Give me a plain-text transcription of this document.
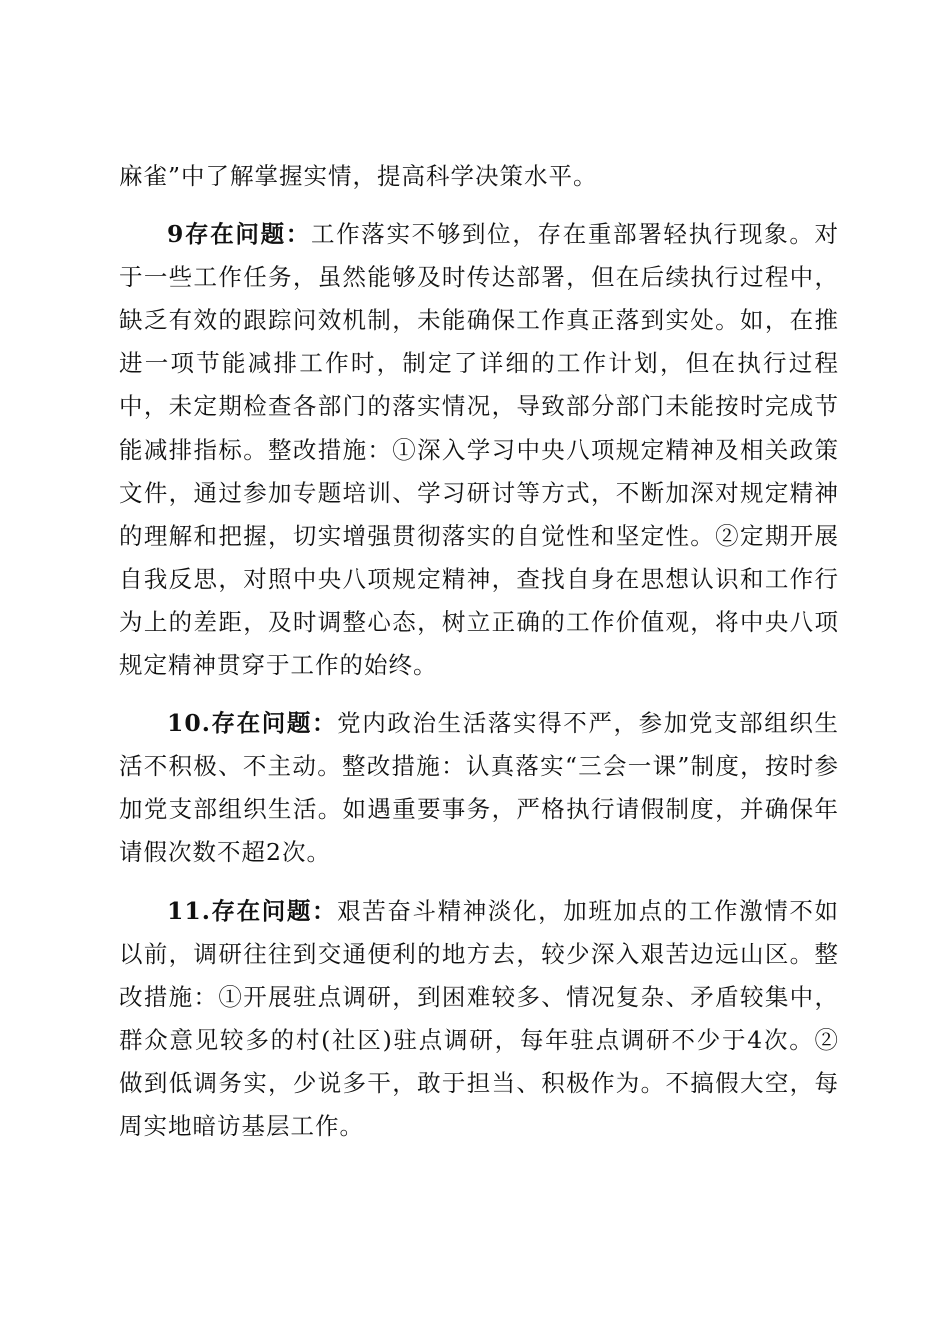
麻雀”中了解掌握实情，提高科学决策水平。

9存在问题：工作落实不够到位，存在重部署轻执行现象。对于一些工作任务，虽然能够及时传达部署，但在后续执行过程中，缺乏有效的跟踪问效机制，未能确保工作真正落到实处。如，在推进一项节能减排工作时，制定了详细的工作计划，但在执行过程中，未定期检查各部门的落实情况，导致部分部门未能按时完成节能减排指标。整改措施：①深入学习中央八项规定精神及相关政策文件，通过参加专题培训、学习研讨等方式，不断加深对规定精神的理解和把握，切实增强贯彻落实的自觉性和坚定性。②定期开展自我反思，对照中央八项规定精神，查找自身在思想认识和工作行为上的差距，及时调整心态，树立正确的工作价值观，将中央八项规定精神贯穿于工作的始终。

10.存在问题：党内政治生活落实得不严，参加党支部组织生活不积极、不主动。整改措施：认真落实“三会一课”制度，按时参加党支部组织生活。如遇重要事务，严格执行请假制度，并确保年请假次数不超2次。

11.存在问题：艰苦奋斗精神淡化，加班加点的工作激情不如以前，调研往往到交通便利的地方去，较少深入艰苦边远山区。整改措施：①开展驻点调研，到困难较多、情况复杂、矛盾较集中，群众意见较多的村(社区)驻点调研，每年驻点调研不少于4次。②做到低调务实，少说多干，敢于担当、积极作为。不搞假大空，每周实地暗访基层工作。
